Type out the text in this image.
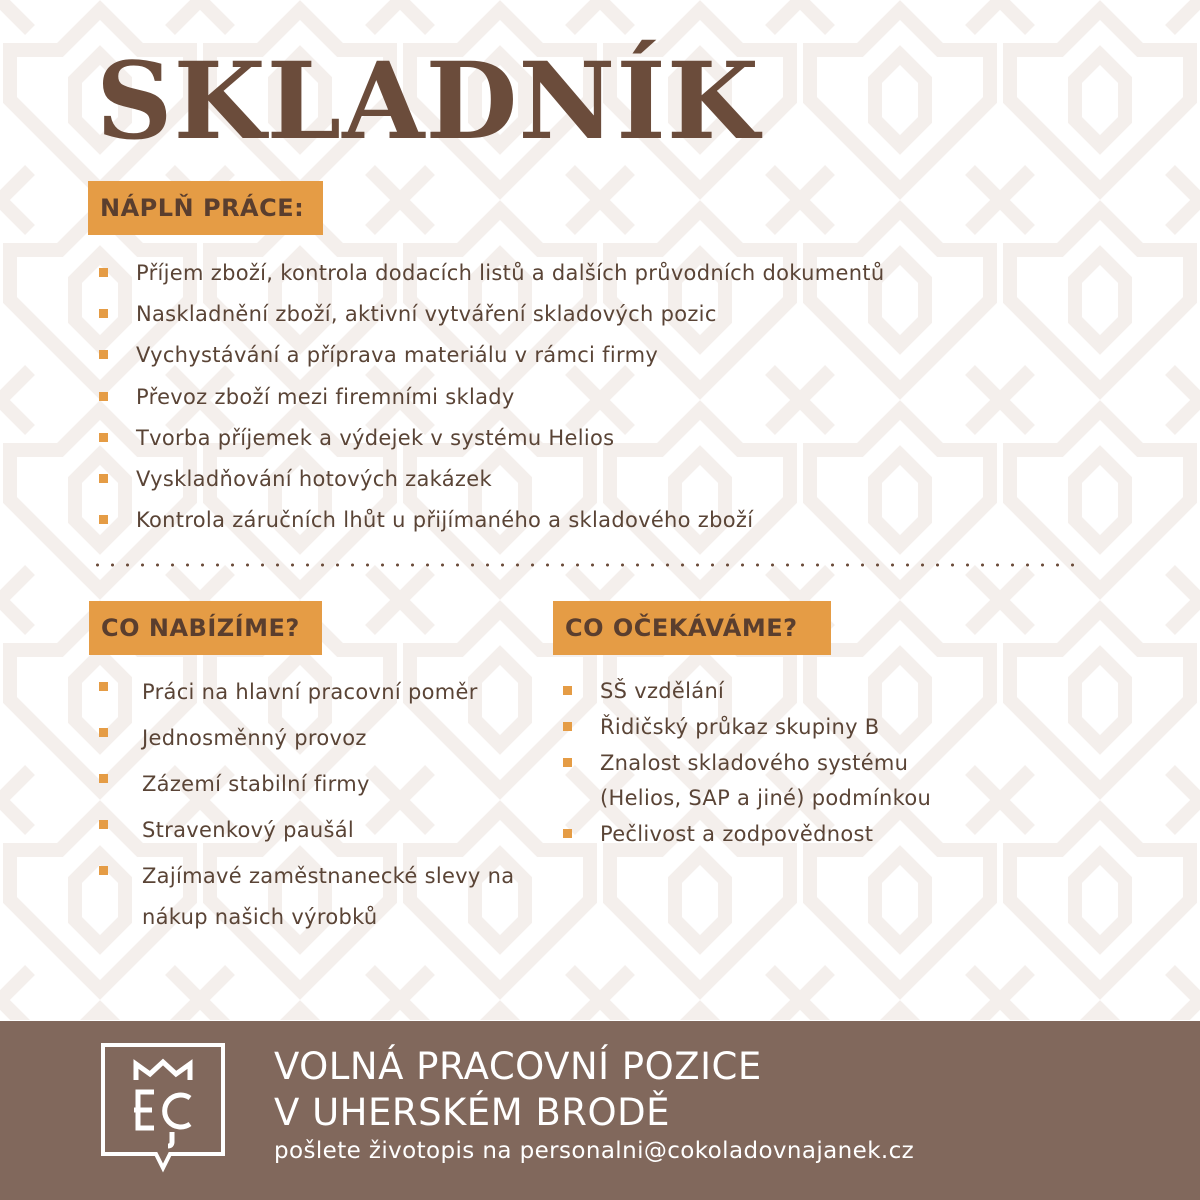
SKLADNÍK
NÁPLŇ PRÁCE:
Příjem zboží, kontrola dodacích listů a dalších průvodních dokumentů
Naskladnění zboží, aktivní vytváření skladových pozic
Vychystávání a příprava materiálu v rámci firmy
Převoz zboží mezi firemními sklady
Tvorba příjemek a výdejek v systému Helios
Vyskladňování hotových zakázek
Kontrola záručních lhůt u přijímaného a skladového zboží
CO NABÍZÍME?
Práci na hlavní pracovní poměr
Jednosměnný provoz
Zázemí stabilní firmy
Stravenkový paušál
Zajímavé zaměstnanecké slevy na nákup našich výrobků
CO OČEKÁVÁME?
SŠ vzdělání
Řidičský průkaz skupiny B
Znalost skladového systému (Helios, SAP a jiné) podmínkou
Pečlivost a zodpovědnost
VOLNÁ PRACOVNÍ POZICE
V UHERSKÉM BRODĚ
pošlete životopis na personalni@cokoladovnajanek.cz
